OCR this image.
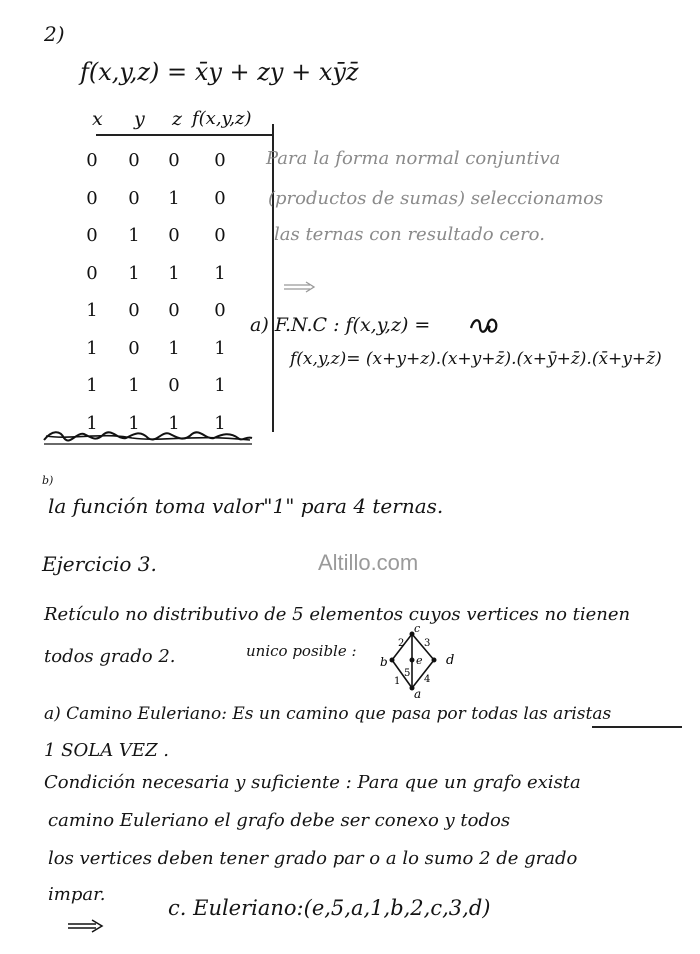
2)
f(x,y,z) = x̄y + zy + xȳz̄
x y z f(x,y,z)
0 0 0 0
0 0 1 0
0 1 0 0
0 1 1 1
1 0 0 0
1 0 1 1
1 1 0 1
1 1 1 1
Para la forma normal conjuntiva
(productos de sumas) seleccionamos
las ternas con resultado cero.
a) F.N.C : f(x,y,z) =
f(x,y,z)= (x+y+z).(x+y+z̄).(x+ȳ+z̄).(x̄+y+z̄)
b)
la función toma valor"1" para 4 ternas.
Altillo.com
Ejercicio 3.
Retículo no distributivo de 5 elementos cuyos vertices no tienen
todos grado 2.	unico posible :
c
b	d
a
e
1
2 3
4
5
a) Camino Euleriano: Es un camino que pasa por todas las aristas
1 SOLA VEZ .
Condición necesaria y suficiente : Para que un grafo exista
camino Euleriano el grafo debe ser conexo y todos
los vertices deben tener grado par o a lo sumo 2 de grado
impar.
c. Euleriano:(e,5,a,1,b,2,c,3,d)
